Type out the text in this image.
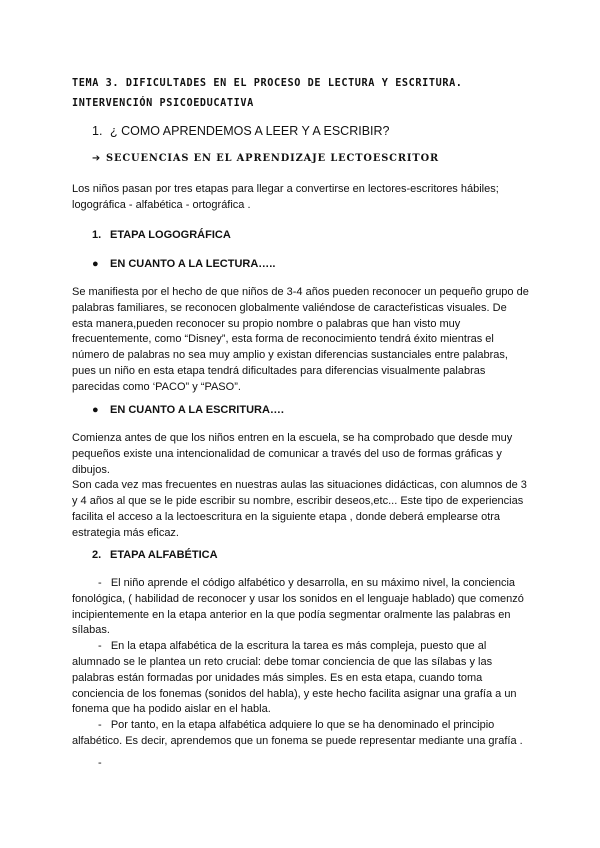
TEMA 3. DIFICULTADES EN EL PROCESO DE LECTURA Y ESCRITURA. INTERVENCIÓN PSICOEDUCATIVA
1. ¿ COMO APRENDEMOS A LEER Y A ESCRIBIR?
➔ SECUENCIAS EN EL APRENDIZAJE LECTOESCRITOR
Los niños pasan por tres etapas para llegar a convertirse en lectores-escritores hábiles; logográfica - alfabética - ortográfica .
1. ETAPA LOGOGRÁFICA
● EN CUANTO A LA LECTURA…..
Se manifiesta por el hecho de que niños de 3-4 años pueden reconocer un pequeño grupo de palabras familiares, se reconocen globalmente valiéndose de caracteŕisticas visuales. De esta manera,pueden reconocer su propio nombre o palabras que han visto muy frecuentemente, como “Disney”, esta forma de reconocimiento tendrá éxito mientras el número de palabras no sea muy amplio y existan diferencias sustanciales entre palabras, pues un niño en esta etapa tendrá dificultades para diferencias visualmente palabras parecidas como ‘PACO” y “PASO”.
● EN CUANTO A LA ESCRITURA….
Comienza antes de que los niños entren en la escuela, se ha comprobado que desde muy pequeños existe una intencionalidad de comunicar a través del uso de formas gráficas y dibujos.
Son cada vez mas frecuentes en nuestras aulas las situaciones didácticas, con alumnos de 3 y 4 años al que se le pide escribir su nombre, escribir deseos,etc... Este tipo de experiencias facilita el acceso a la lectoescritura en la siguiente etapa , donde deberá emplearse otra estrategia más eficaz.
2. ETAPA ALFABÉTICA
- El niño aprende el código alfabético y desarrolla, en su máximo nivel, la conciencia fonológica, ( habilidad de reconocer y usar los sonidos en el lenguaje hablado) que comenzó incipientemente en la etapa anterior en la que podía segmentar oralmente las palabras en sílabas.
- En la etapa alfabética de la escritura la tarea es más compleja, puesto que al alumnado se le plantea un reto crucial: debe tomar conciencia de que las sílabas y las palabras están formadas por unidades más simples. Es en esta etapa, cuando toma conciencia de los fonemas (sonidos del habla), y este hecho facilita asignar una grafía a un fonema que ha podido aislar en el habla.
- Por tanto, en la etapa alfabética adquiere lo que se ha denominado el principio alfabético. Es decir, aprendemos que un fonema se puede representar mediante una grafía .
-
